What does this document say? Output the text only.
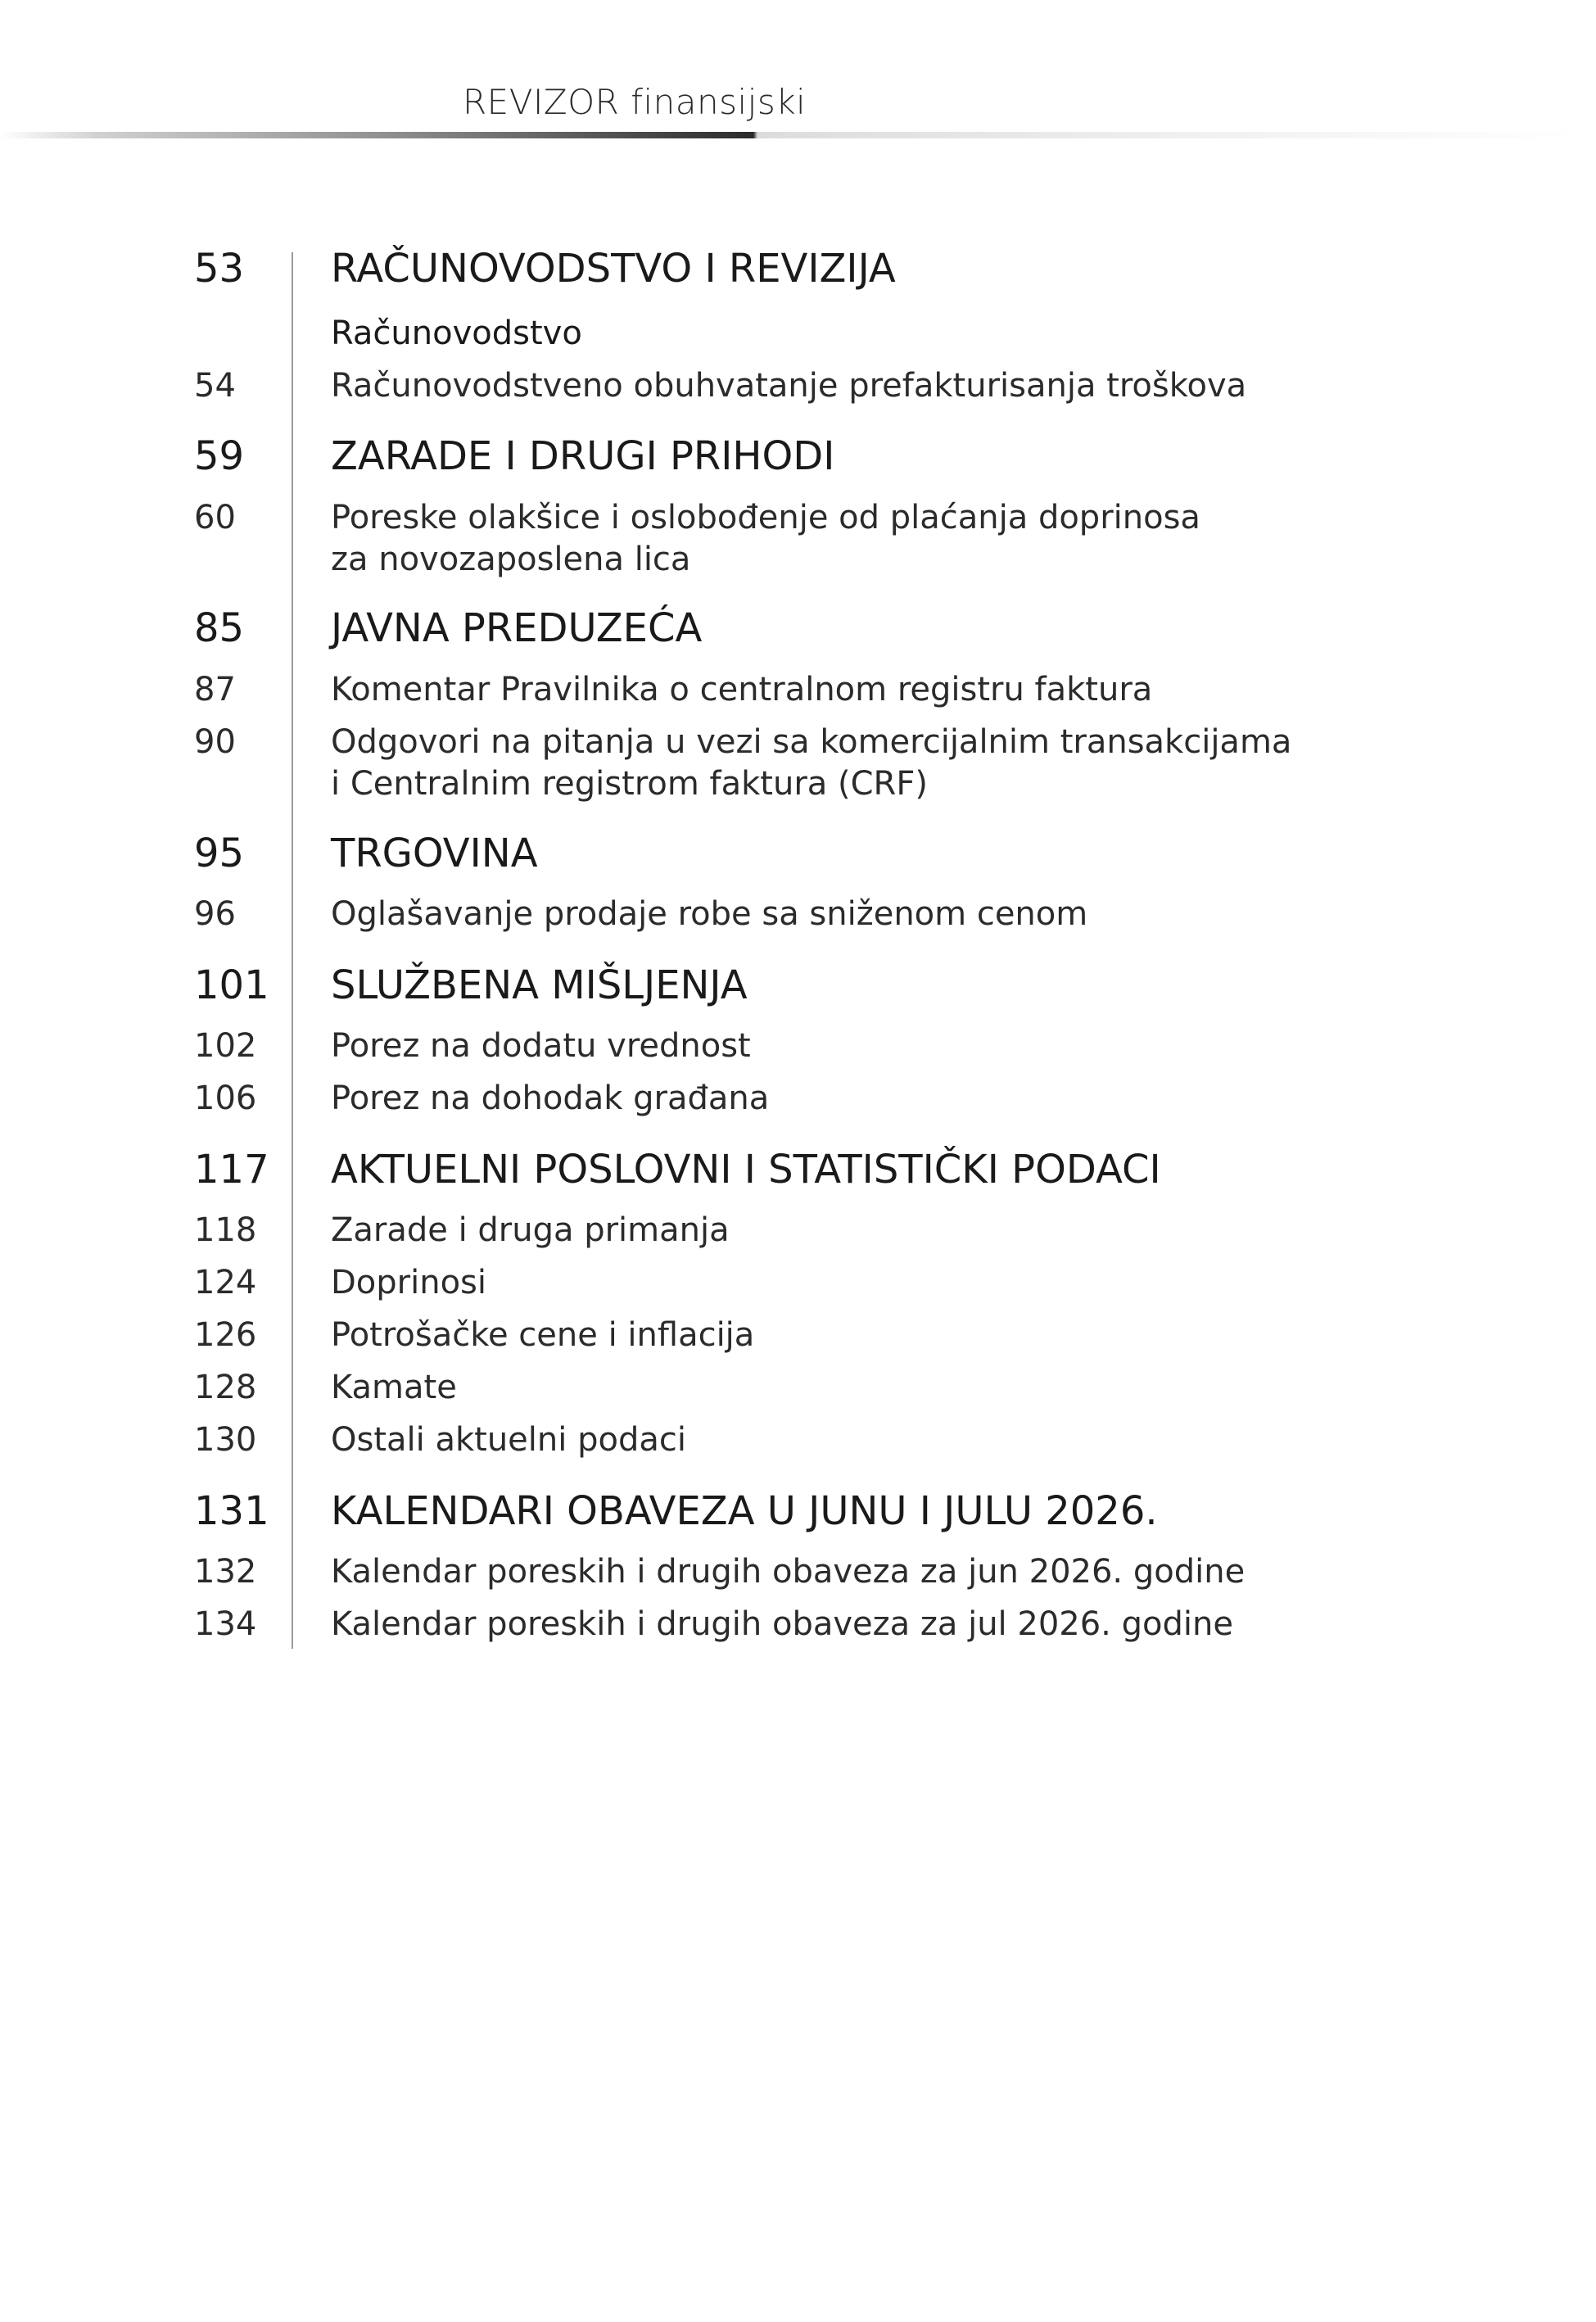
REVIZOR finansijski
53 RAČUNOVODSTVO I REVIZIJA
Računovodstvo
54	Računovodstveno obuhvatanje prefakturisanja troškova
59 ZARADE I DRUGI PRIHODI
60	Poreske olakšice i oslobođenje od plaćanja doprinosa
za novozaposlena lica
85 JAVNA PREDUZEĆA
87	Komentar Pravilnika o centralnom registru faktura
90	Odgovori na pitanja u vezi sa komercijalnim transakcijama
i Centralnim registrom faktura (CRF)
95 TRGOVINA
96	Oglašavanje prodaje robe sa sniženom cenom
101 SLUŽBENA MIŠLJENJA
102 Porez na dodatu vrednost
106 Porez na dohodak građana
117 AKTUELNI POSLOVNI I STATISTIČKI PODACI
118 Zarade i druga primanja
124 Doprinosi
126 Potrošačke cene i inflacija
128 Kamate
130 Ostali aktuelni podaci
131 KALENDARI OBAVEZA U JUNU I JULU 2026.
132 Kalendar poreskih i drugih obaveza za jun 2026. godine
134 Kalendar poreskih i drugih obaveza za jul 2026. godine
